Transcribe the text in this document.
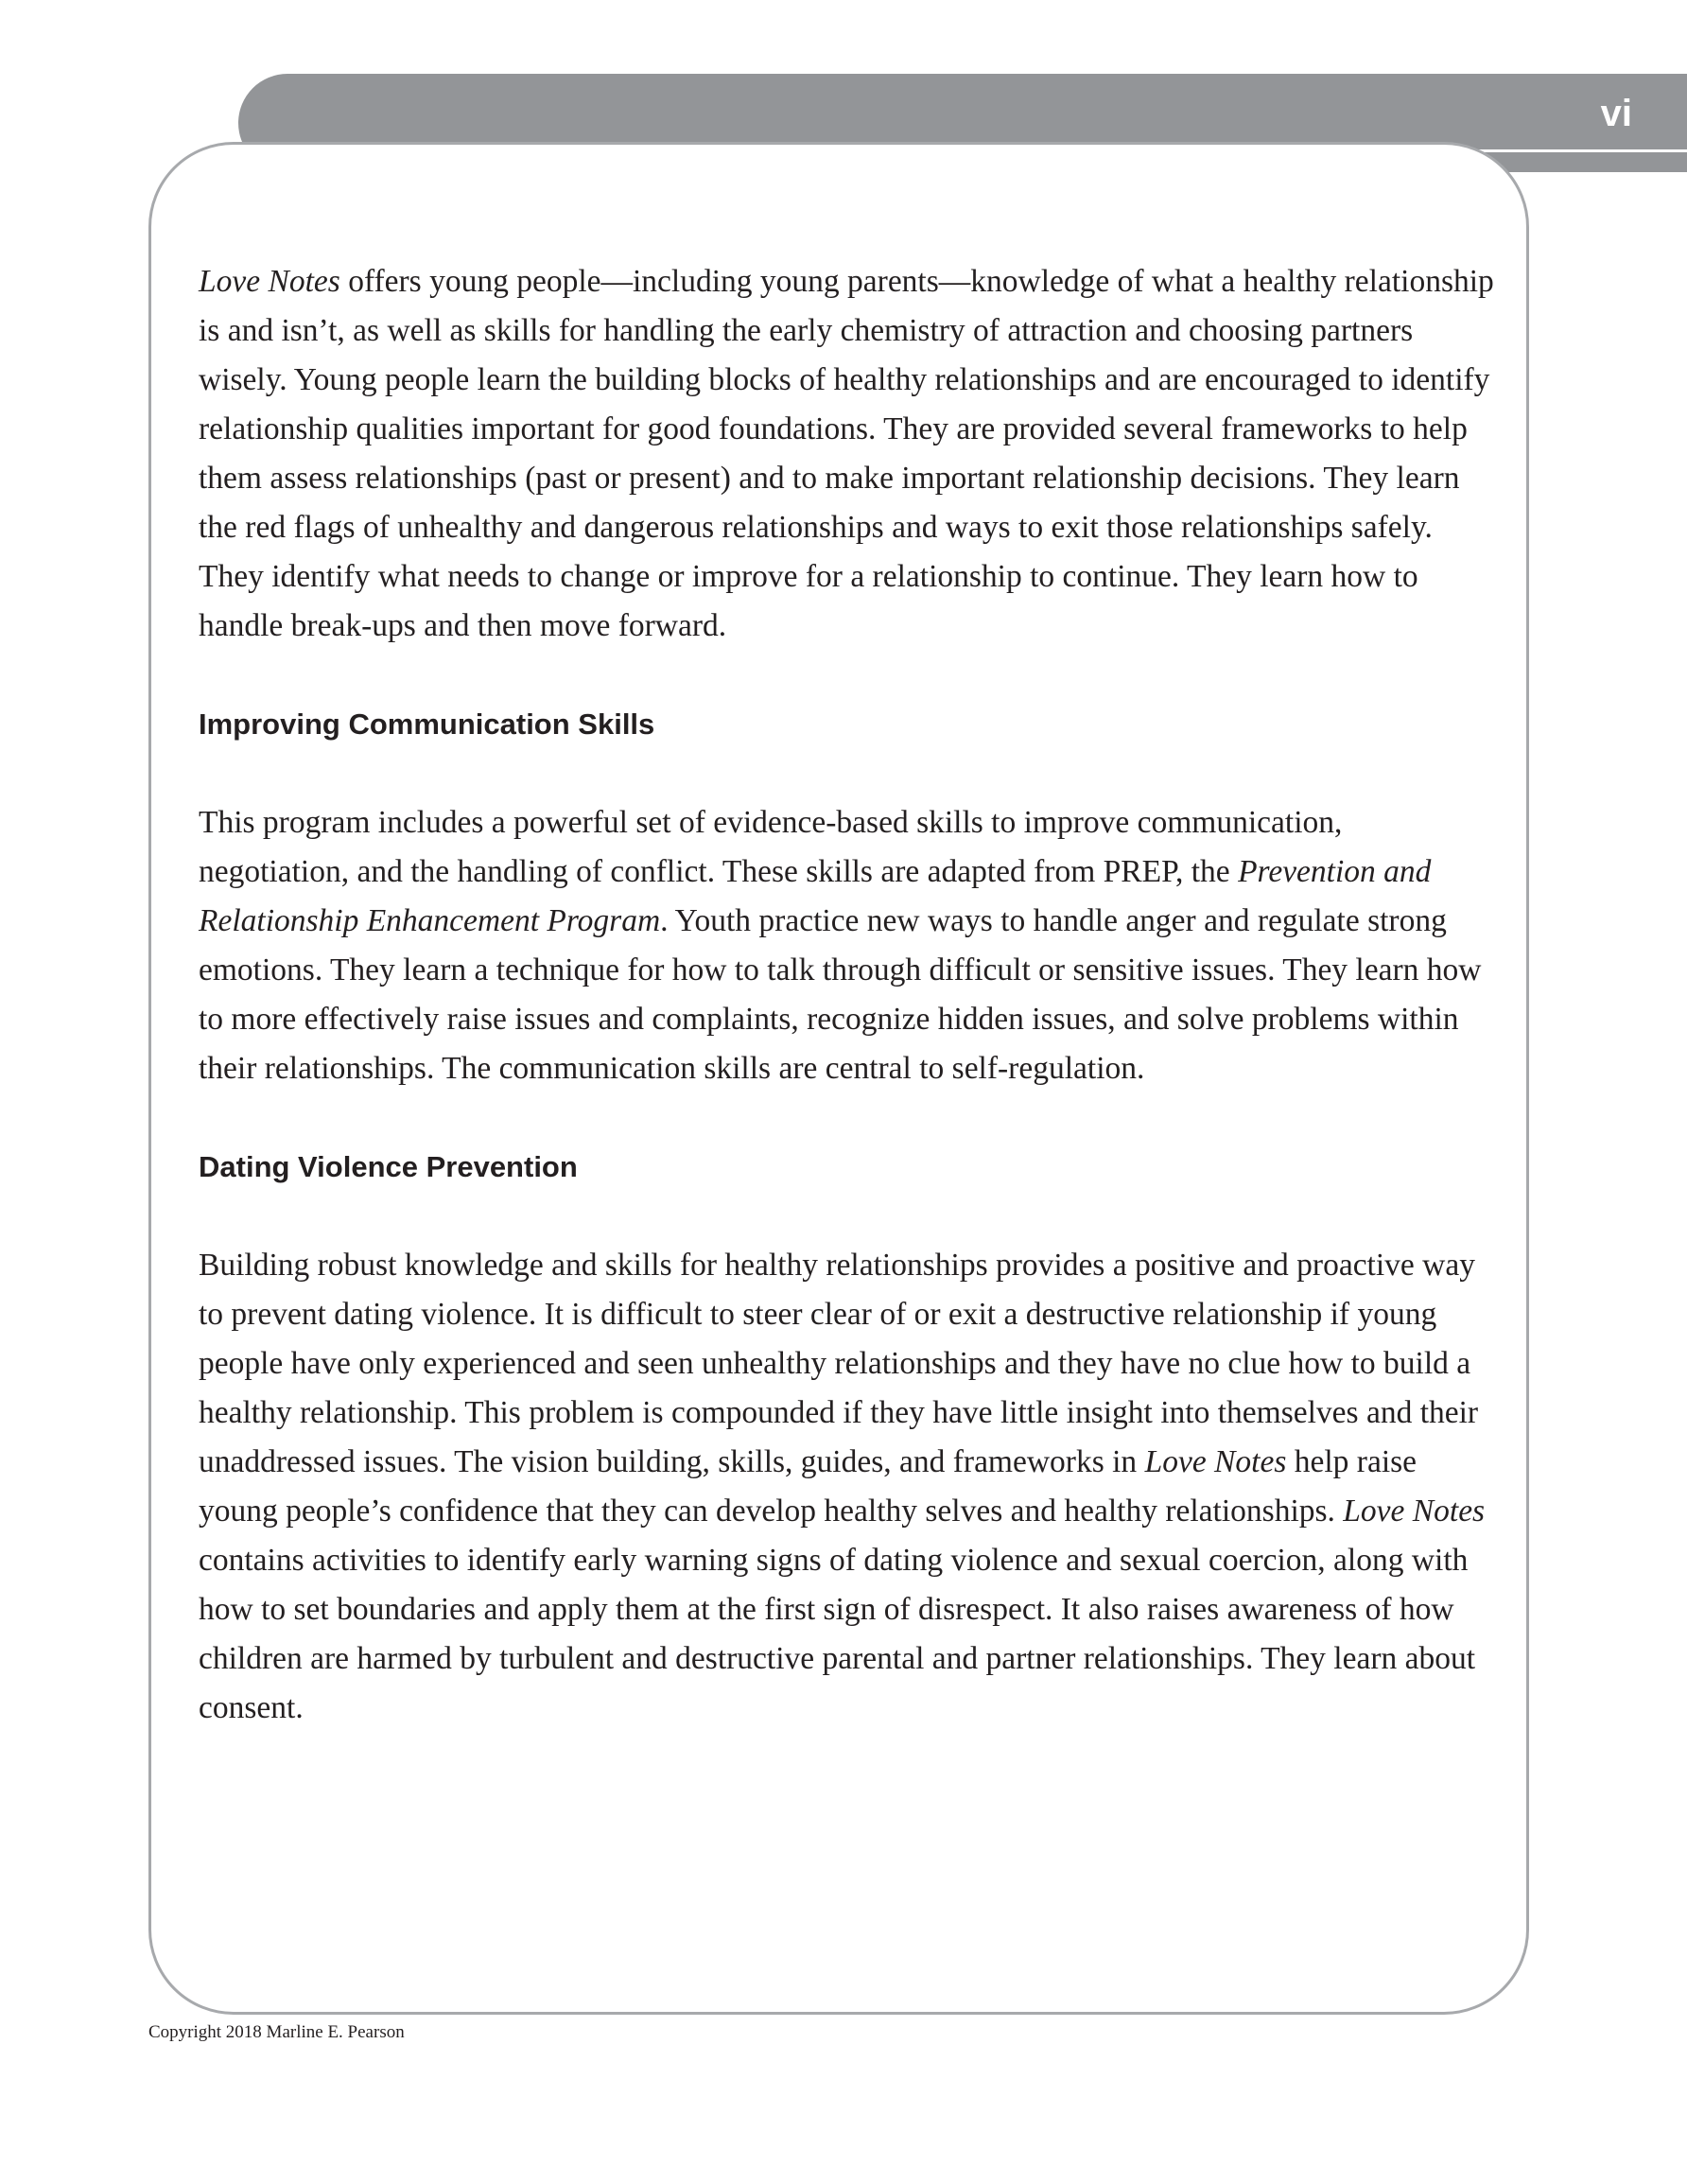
vi

Love Notes offers young people—including young parents—knowledge of what a healthy relationship is and isn’t, as well as skills for handling the early chemistry of attraction and choosing partners wisely. Young people learn the building blocks of healthy relationships and are encouraged to identify relationship qualities important for good foundations. They are provided several frameworks to help them assess relationships (past or present) and to make important relationship decisions. They learn the red flags of unhealthy and dangerous relationships and ways to exit those relationships safely. They identify what needs to change or improve for a relationship to continue. They learn how to handle break-ups and then move forward.

Improving Communication Skills

This program includes a powerful set of evidence-based skills to improve communication, negotiation, and the handling of conflict. These skills are adapted from PREP, the Prevention and Relationship Enhancement Program. Youth practice new ways to handle anger and regulate strong emotions. They learn a technique for how to talk through difficult or sensitive issues. They learn how to more effectively raise issues and complaints, recognize hidden issues, and solve problems within their relationships. The communication skills are central to self-regulation.

Dating Violence Prevention

Building robust knowledge and skills for healthy relationships provides a positive and proactive way to prevent dating violence. It is difficult to steer clear of or exit a destructive relationship if young people have only experienced and seen unhealthy relationships and they have no clue how to build a healthy relationship. This problem is compounded if they have little insight into themselves and their unaddressed issues. The vision building, skills, guides, and frameworks in Love Notes help raise young people’s confidence that they can develop healthy selves and healthy relationships. Love Notes contains activities to identify early warning signs of dating violence and sexual coercion, along with how to set boundaries and apply them at the first sign of disrespect. It also raises awareness of how children are harmed by turbulent and destructive parental and partner relationships. They learn about consent.

Copyright 2018 Marline E. Pearson
